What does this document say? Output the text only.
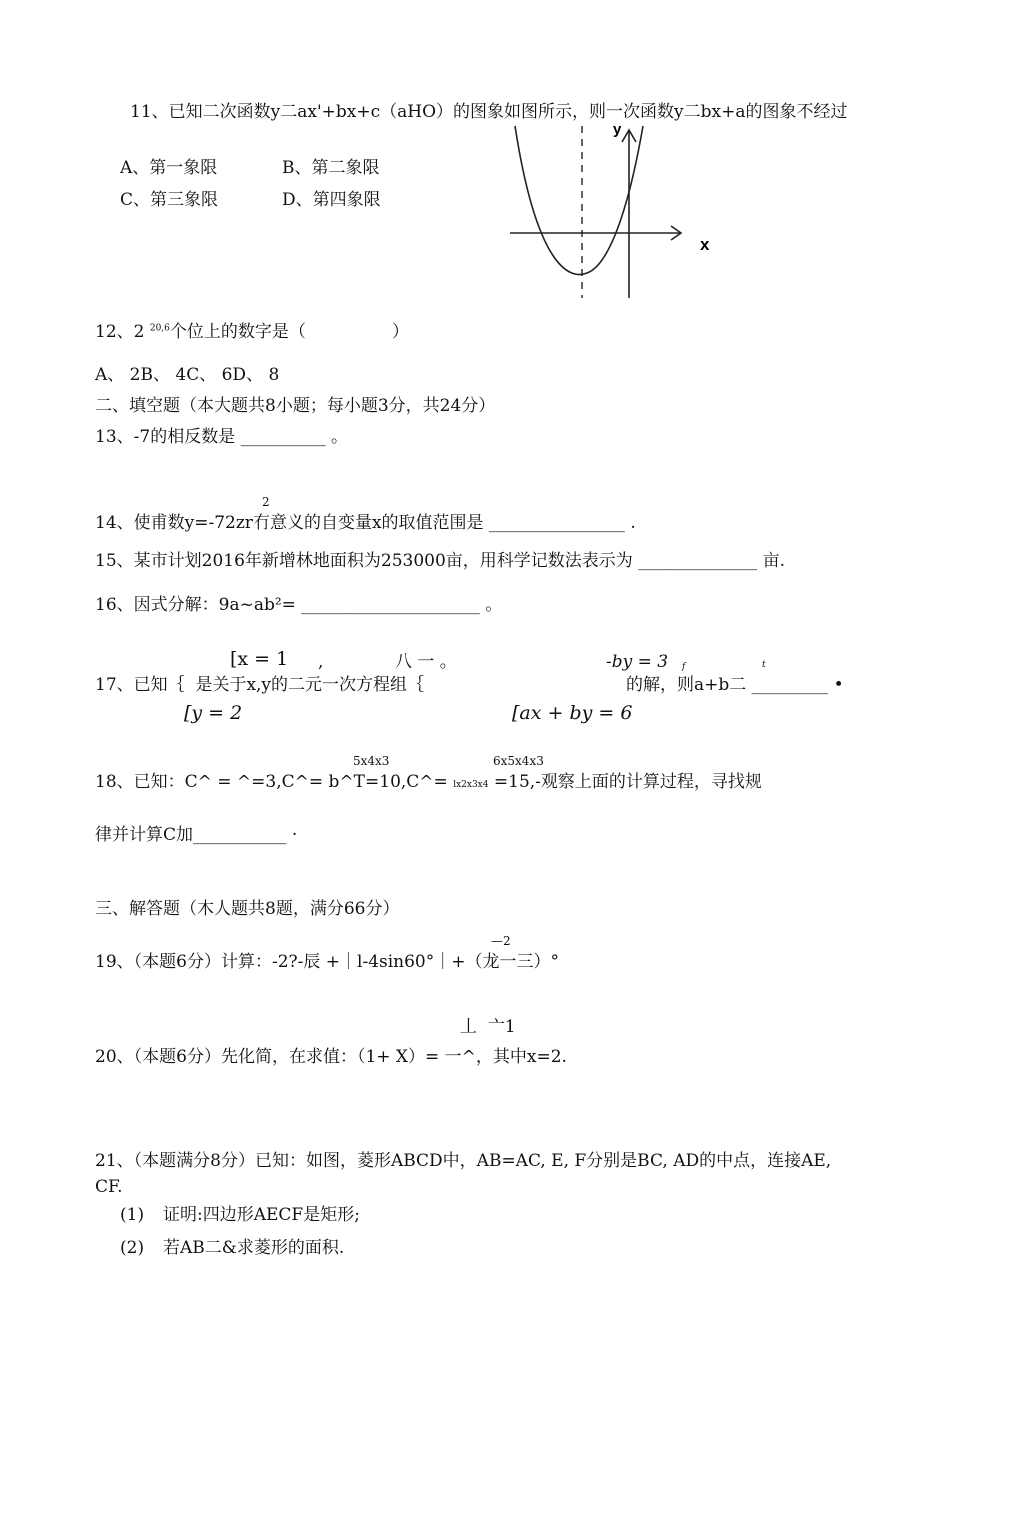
11、已知二次函数y二ax'+bx+c（aHO）的图象如图所示，则一次函数y二bx+a的图象不经过
A、第一象限	B、第二象限
C、第三象限	D、第四象限
y
x
12、2 $^{20,6}$个位上的数字是（	）
A、 2B、 4C、 6D、 8
二、填空题（本大题共8小题；每小题3分，共24分）
13、-7的相反数是 __________ 。
2
14、使甫数y=-72zr冇意义的自变量x的取值范围是 ________________ .
15、某市计划2016年新增林地面积为253000亩，用科学记数法表示为 ______________ 亩.
16、因式分解：9a~ab²= _____________________ 。
[x = 1 ,	八 一 。	-by = 3 f	t
17、已知｛  是关于x,y的二元一次方程组｛	的解，则a+b二 _________ •
[y = 2	[ax + by = 6
5x4x3	6x5x4x3
18、已知：C^ = ^=3,C^= b^T=10,C^= lx2x3x4 =15,-观察上面的计算过程，寻找规
律并计算C加___________ ·
三、解答题（木人题共8题，满分66分）
—2
19、（本题6分）计算：-2?-辰 +｜l-4sin60°｜+（龙一三）°
丄  亠1
20、（本题6分）先化简，在求值：（1+ X）= 一^，其中x=2.
21、（本题满分8分）已知：如图，菱形ABCD中，AB=AC, E, F分别是BC, AD的中点，连接AE,
CF.
(1) 证明:四边形AECF是矩形;
(2) 若AB二&求菱形的面积.
